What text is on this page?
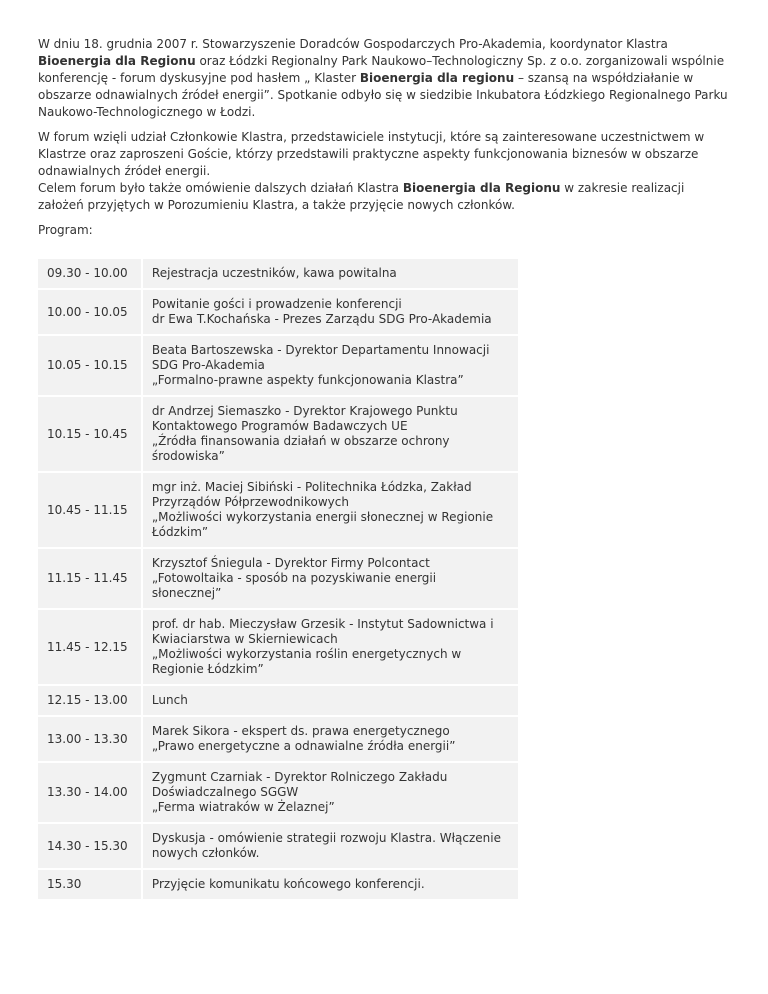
W dniu 18. grudnia 2007 r. Stowarzyszenie Doradców Gospodarczych Pro-Akademia, koordynator Klastra Bioenergia dla Regionu oraz Łódzki Regionalny Park Naukowo–Technologiczny Sp. z o.o. zorganizowali wspólnie konferencję - forum dyskusyjne pod hasłem „ Klaster Bioenergia dla regionu – szansą na współdziałanie w obszarze odnawialnych źródeł energii”. Spotkanie odbyło się w siedzibie Inkubatora Łódzkiego Regionalnego Parku Naukowo-Technologicznego w Łodzi.

W forum wzięli udział Członkowie Klastra, przedstawiciele instytucji, które są zainteresowane uczestnictwem w Klastrze oraz zaproszeni Goście, którzy przedstawili praktyczne aspekty funkcjonowania biznesów w obszarze odnawialnych źródeł energii.
Celem forum było także omówienie dalszych działań Klastra Bioenergia dla Regionu w zakresie realizacji założeń przyjętych w Porozumieniu Klastra, a także przyjęcie nowych członków.

Program:

09.30 - 10.00	Rejestracja uczestników, kawa powitalna

10.00 - 10.05	Powitanie gości i prowadzenie konferencji
dr Ewa T.Kochańska - Prezes Zarządu SDG Pro-Akademia

10.05 - 10.15	Beata Bartoszewska - Dyrektor Departamentu Innowacji SDG Pro-Akademia
„Formalno-prawne aspekty funkcjonowania Klastra”

10.15 - 10.45	dr Andrzej Siemaszko - Dyrektor Krajowego Punktu Kontaktowego Programów Badawczych UE
„Źródła finansowania działań w obszarze ochrony środowiska”

10.45 - 11.15	mgr inż. Maciej Sibiński - Politechnika Łódzka, Zakład Przyrządów Półprzewodnikowych
„Możliwości wykorzystania energii słonecznej w Regionie Łódzkim”

11.15 - 11.45	Krzysztof Śniegula - Dyrektor Firmy Polcontact
„Fotowoltaika - sposób na pozyskiwanie energii słonecznej”

11.45 - 12.15	prof. dr hab. Mieczysław Grzesik - Instytut Sadownictwa i Kwiaciarstwa w Skierniewicach
„Możliwości wykorzystania roślin energetycznych w Regionie Łódzkim”

12.15 - 13.00	Lunch

13.00 - 13.30	Marek Sikora - ekspert ds. prawa energetycznego
„Prawo energetyczne a odnawialne źródła energii”

13.30 - 14.00	Zygmunt Czarniak - Dyrektor Rolniczego Zakładu Doświadczalnego SGGW
„Ferma wiatraków w Żelaznej”

14.30 - 15.30	Dyskusja - omówienie strategii rozwoju Klastra. Włączenie nowych członków.

15.30	Przyjęcie komunikatu końcowego konferencji.
